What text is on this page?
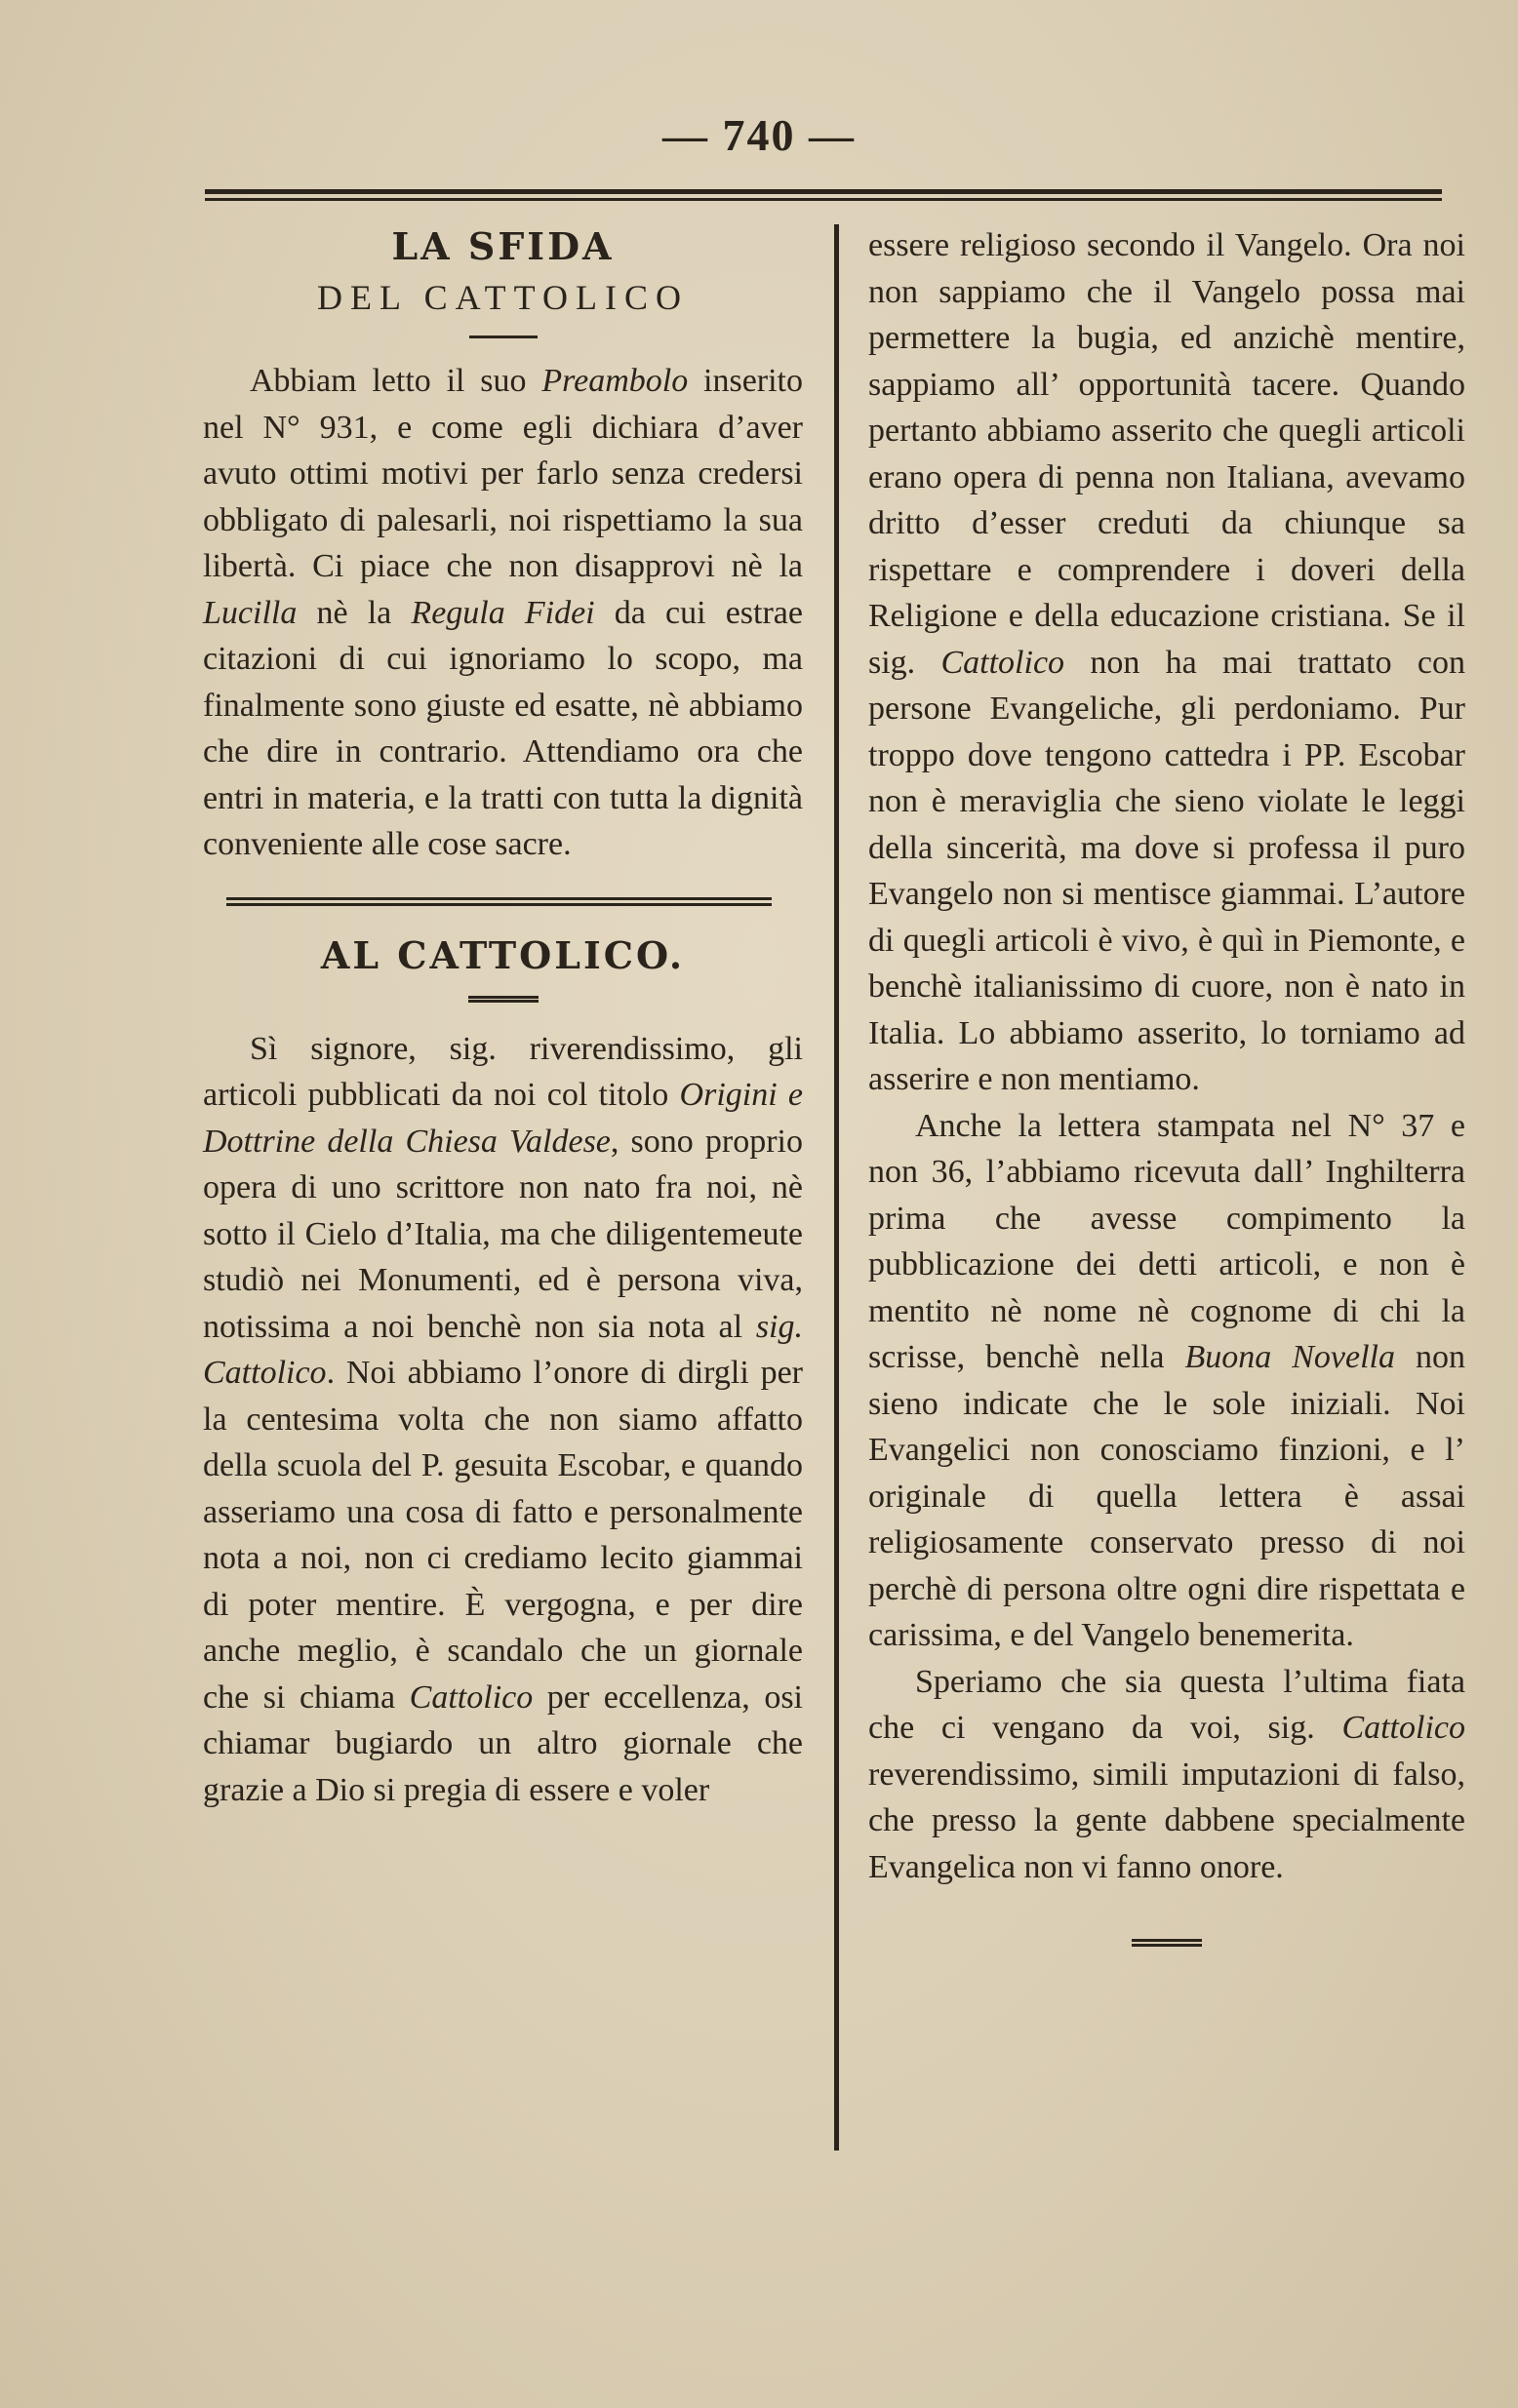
— 740 —
LA SFIDA
DEL CATTOLICO

Abbiam letto il suo Preambolo inserito nel N° 931, e come egli dichiara d’aver avuto ottimi motivi per farlo senza credersi obbligato di palesarli, noi rispettiamo la sua libertà. Ci piace che non disapprovi nè la Lucilla nè la Regula Fidei da cui estrae citazioni di cui ignoriamo lo scopo, ma finalmente sono giuste ed esatte, nè abbiamo che dire in contrario. Attendiamo ora che entri in materia, e la tratti con tutta la dignità conveniente alle cose sacre.

AL CATTOLICO.

Sì signore, sig. riverendissimo, gli articoli pubblicati da noi col titolo Origini e Dottrine della Chiesa Valdese, sono proprio opera di uno scrittore non nato fra noi, nè sotto il Cielo d’Italia, ma che diligentemeute studiò nei Monumenti, ed è persona viva, notissima a noi benchè non sia nota al sig. Cattolico. Noi abbiamo l’onore di dirgli per la centesima volta che non siamo affatto della scuola del P. gesuita Escobar, e quando asseriamo una cosa di fatto e personalmente nota a noi, non ci crediamo lecito giammai di poter mentire. È vergogna, e per dire anche meglio, è scandalo che un giornale che si chiama Cattolico per eccellenza, osi chiamar bugiardo un altro giornale che grazie a Dio si pregia di essere e voler

essere religioso secondo il Vangelo. Ora noi non sappiamo che il Vangelo possa mai permettere la bugia, ed anzichè mentire, sappiamo all’ opportunità tacere. Quando pertanto abbiamo asserito che quegli articoli erano opera di penna non Italiana, avevamo dritto d’esser creduti da chiunque sa rispettare e comprendere i doveri della Religione e della educazione cristiana. Se il sig. Cattolico non ha mai trattato con persone Evangeliche, gli perdoniamo. Pur troppo dove tengono cattedra i PP. Escobar non è meraviglia che sieno violate le leggi della sincerità, ma dove si professa il puro Evangelo non si mentisce giammai. L’autore di quegli articoli è vivo, è quì in Piemonte, e benchè italianissimo di cuore, non è nato in Italia. Lo abbiamo asserito, lo torniamo ad asserire e non mentiamo.

Anche la lettera stampata nel N° 37 e non 36, l’abbiamo ricevuta dall’ Inghilterra prima che avesse compimento la pubblicazione dei detti articoli, e non è mentito nè nome nè cognome di chi la scrisse, benchè nella Buona Novella non sieno indicate che le sole iniziali. Noi Evangelici non conosciamo finzioni, e l’ originale di quella lettera è assai religiosamente conservato presso di noi perchè di persona oltre ogni dire rispettata e carissima, e del Vangelo benemerita.

Speriamo che sia questa l’ultima fiata che ci vengano da voi, sig. Cattolico reverendissimo, simili imputazioni di falso, che presso la gente dabbene specialmente Evangelica non vi fanno onore.
